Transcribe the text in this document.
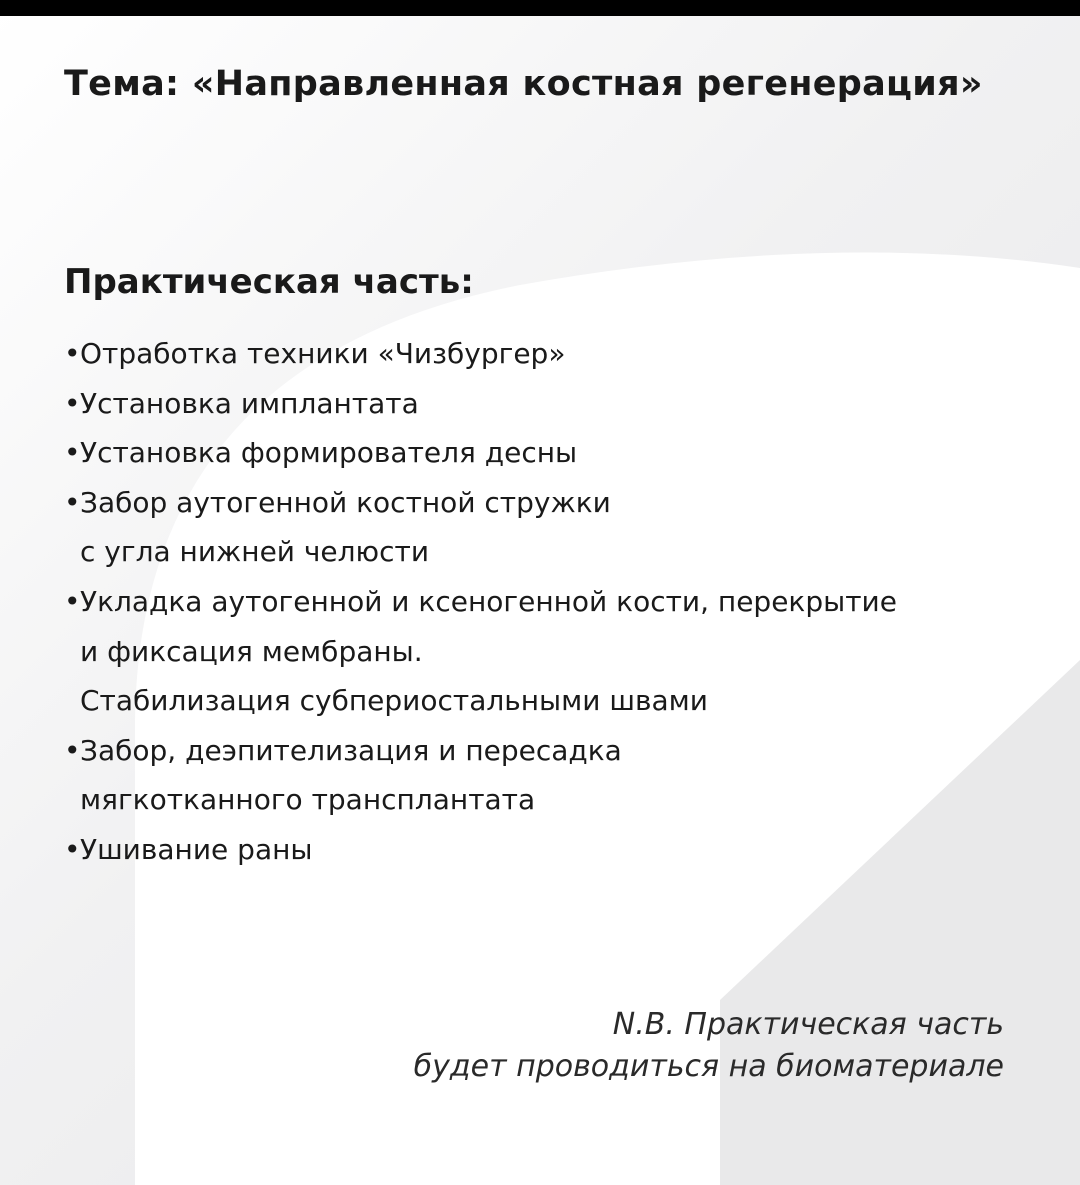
Тема: «Направленная костная регенерация»
Практическая часть:
• Отработка техники «Чизбургер»
• Установка имплантата
• Установка формирователя десны
• Забор аутогенной костной стружки
с угла нижней челюсти
• Укладка аутогенной и ксеногенной кости, перекрытие
и фиксация мембраны.
Стабилизация субпериостальными швами
• Забор, деэпителизация и пересадка
мягкотканного трансплантата
• Ушивание раны

N.B. Практическая часть
будет проводиться на биоматериале
